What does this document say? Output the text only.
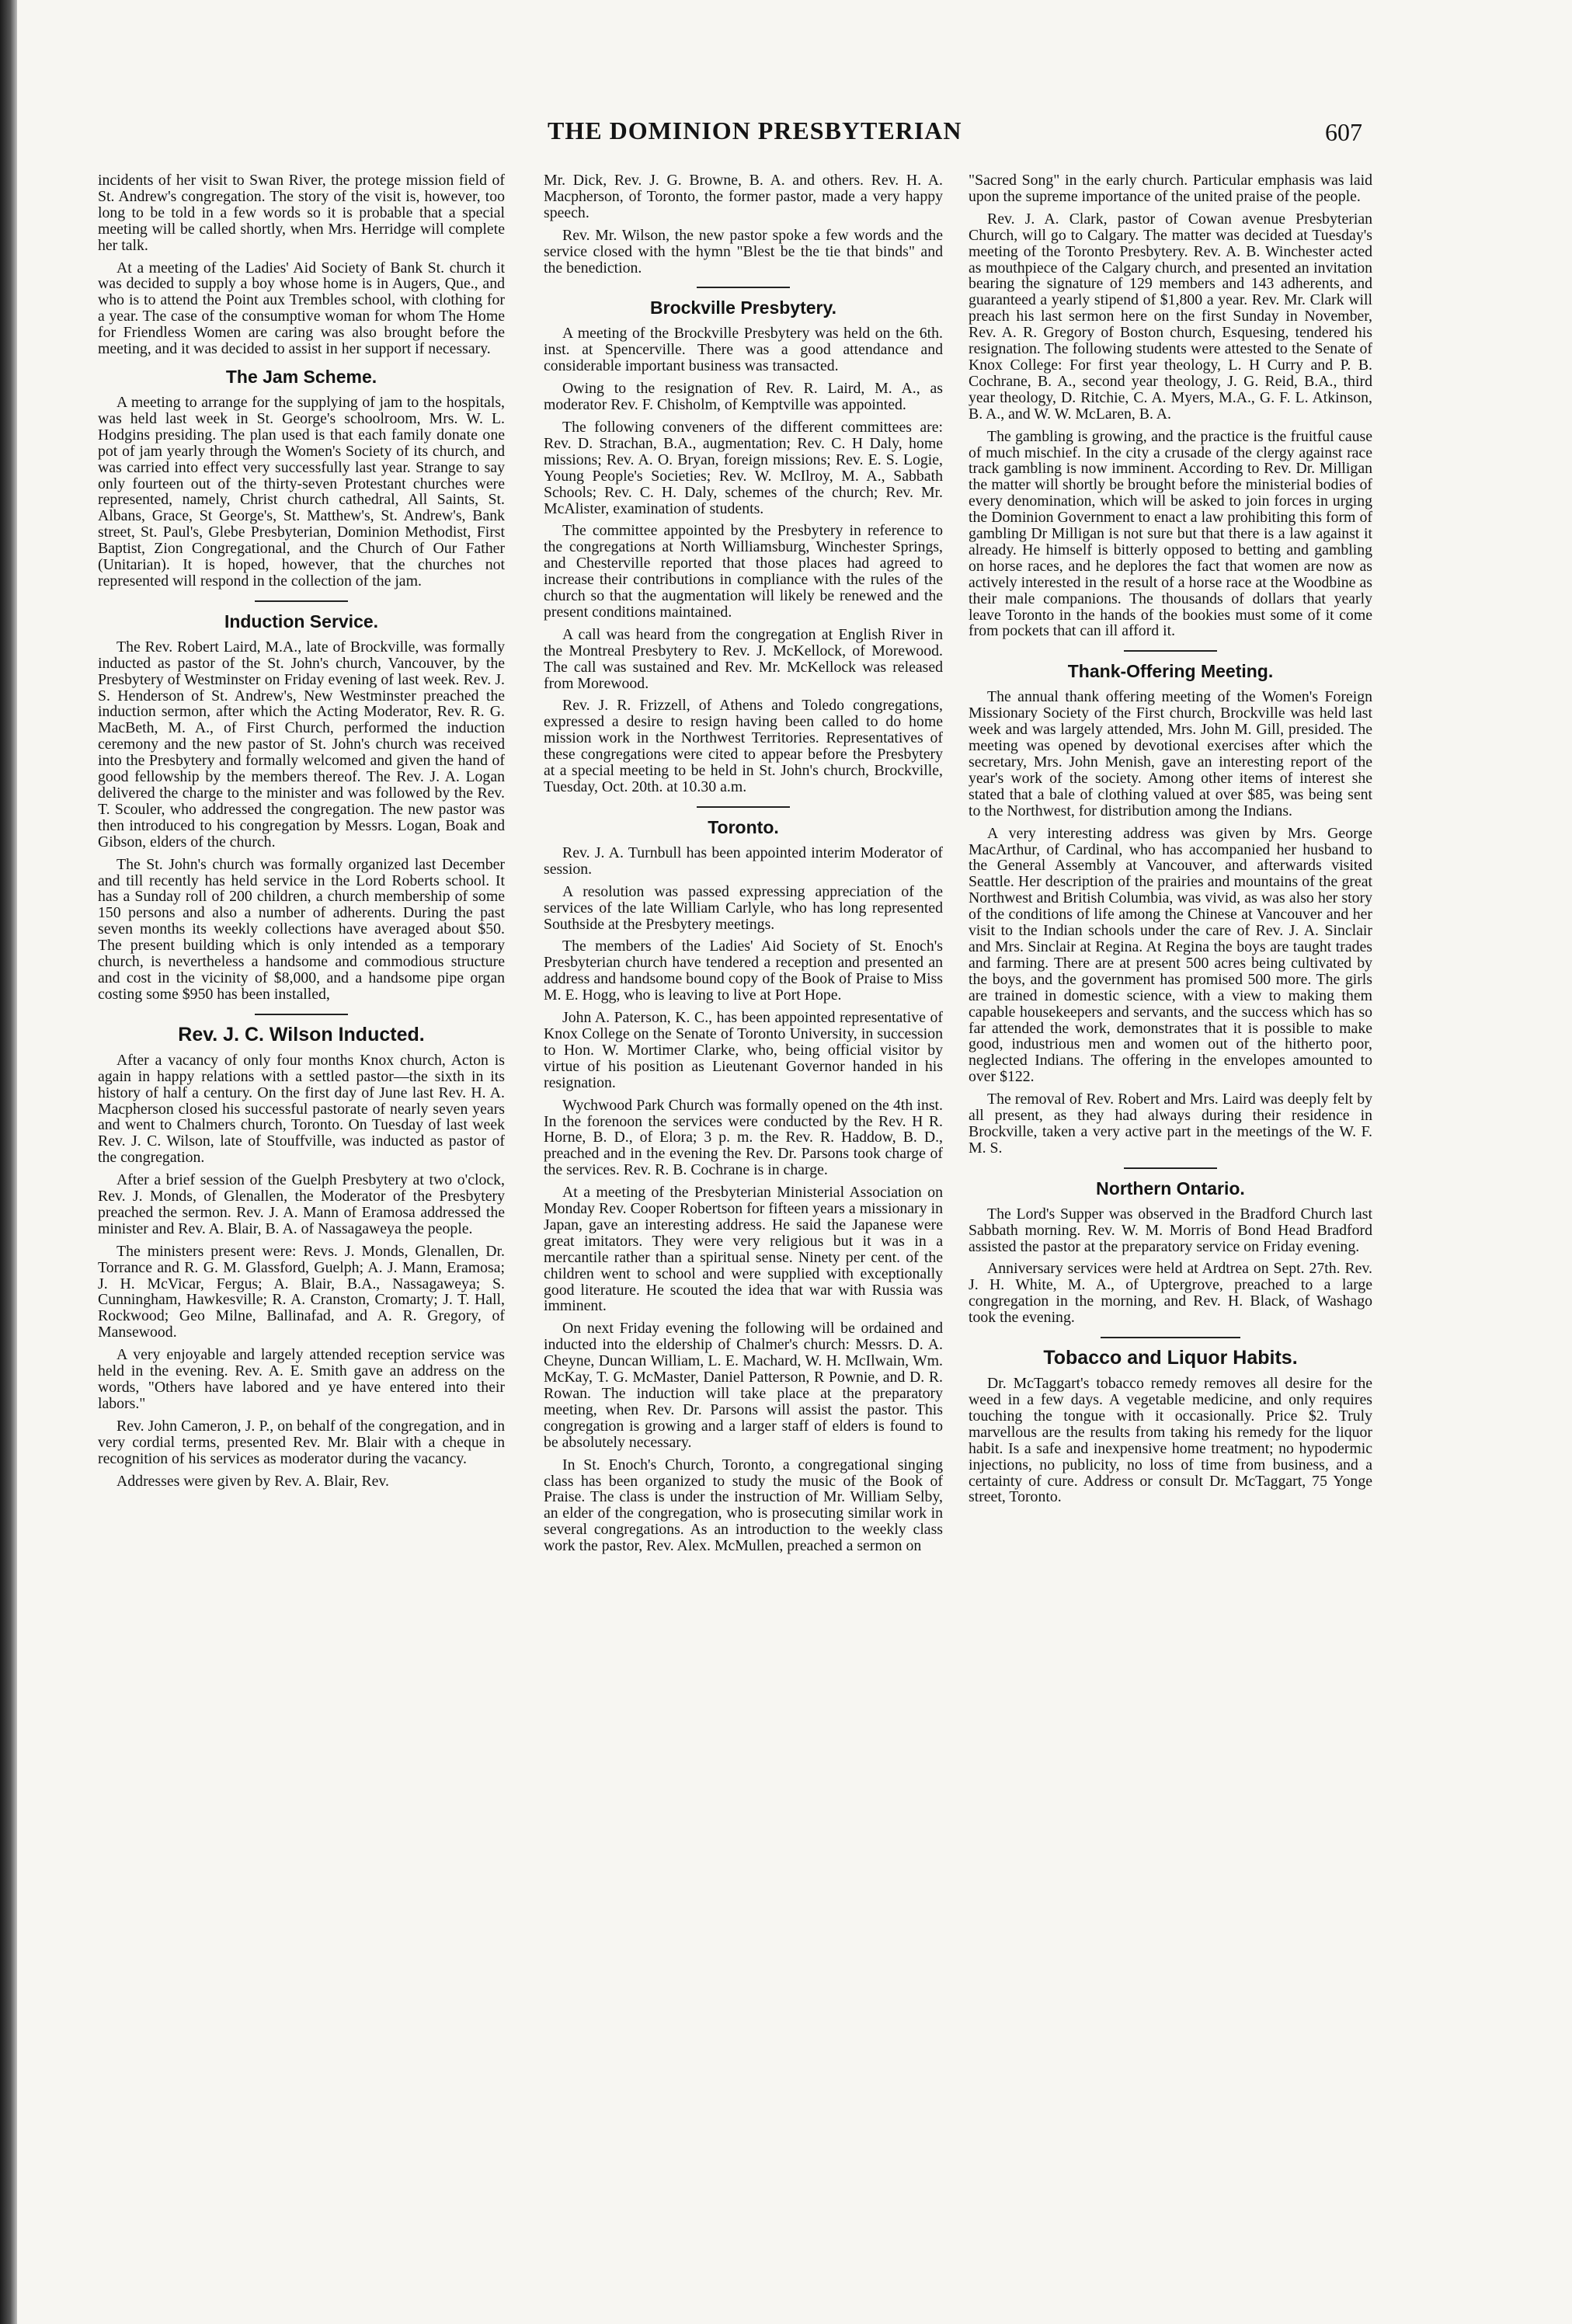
THE DOMINION PRESBYTERIAN	607

incidents of her visit to Swan River, the protege mission field of St. Andrew's congregation. The story of the visit is, however, too long to be told in a few words so it is probable that a special meeting will be called shortly, when Mrs. Herridge will complete her talk.

At a meeting of the Ladies' Aid Society of Bank St. church it was decided to supply a boy whose home is in Augers, Que., and who is to attend the Point aux Trembles school, with clothing for a year. The case of the consumptive woman for whom The Home for Friendless Women are caring was also brought before the meeting, and it was decided to assist in her support if necessary.

The Jam Scheme.

A meeting to arrange for the supplying of jam to the hospitals, was held last week in St. George's schoolroom, Mrs. W. L. Hodgins presiding. The plan used is that each family donate one pot of jam yearly through the Women's Society of its church, and was carried into effect very successfully last year. Strange to say only fourteen out of the thirty-seven Protestant churches were represented, namely, Christ church cathedral, All Saints, St. Albans, Grace, St George's, St. Matthew's, St. Andrew's, Bank street, St. Paul's, Glebe Presbyterian, Dominion Methodist, First Baptist, Zion Congregational, and the Church of Our Father (Unitarian). It is hoped, however, that the churches not represented will respond in the collection of the jam.

Induction Service.

The Rev. Robert Laird, M.A., late of Brockville, was formally inducted as pastor of the St. John's church, Vancouver, by the Presbytery of Westminster on Friday evening of last week. Rev. J. S. Henderson of St. Andrew's, New Westminster preached the induction sermon, after which the Acting Moderator, Rev. R. G. MacBeth, M. A., of First Church, performed the induction ceremony and the new pastor of St. John's church was received into the Presbytery and formally welcomed and given the hand of good fellowship by the members thereof. The Rev. J. A. Logan delivered the charge to the minister and was followed by the Rev. T. Scouler, who addressed the congregation. The new pastor was then introduced to his congregation by Messrs. Logan, Boak and Gibson, elders of the church.

The St. John's church was formally organized last December and till recently has held service in the Lord Roberts school. It has a Sunday roll of 200 children, a church membership of some 150 persons and also a number of adherents. During the past seven months its weekly collections have averaged about $50. The present building which is only intended as a temporary church, is nevertheless a handsome and commodious structure and cost in the vicinity of $8,000, and a handsome pipe organ costing some $950 has been installed,

Rev. J. C. Wilson Inducted.

After a vacancy of only four months Knox church, Acton is again in happy relations with a settled pastor—the sixth in its history of half a century. On the first day of June last Rev. H. A. Macpherson closed his successful pastorate of nearly seven years and went to Chalmers church, Toronto. On Tuesday of last week Rev. J. C. Wilson, late of Stouffville, was inducted as pastor of the congregation.

After a brief session of the Guelph Presbytery at two o'clock, Rev. J. Monds, of Glenallen, the Moderator of the Presbytery preached the sermon. Rev. J. A. Mann of Eramosa addressed the minister and Rev. A. Blair, B. A. of Nassagaweya the people.

The ministers present were: Revs. J. Monds, Glenallen, Dr. Torrance and R. G. M. Glassford, Guelph; A. J. Mann, Eramosa; J. H. McVicar, Fergus; A. Blair, B.A., Nassagaweya; S. Cunningham, Hawkesville; R. A. Cranston, Cromarty; J. T. Hall, Rockwood; Geo Milne, Ballinafad, and A. R. Gregory, of Mansewood.

A very enjoyable and largely attended reception service was held in the evening. Rev. A. E. Smith gave an address on the words, "Others have labored and ye have entered into their labors."

Rev. John Cameron, J. P., on behalf of the congregation, and in very cordial terms, presented Rev. Mr. Blair with a cheque in recognition of his services as moderator during the vacancy.

Addresses were given by Rev. A. Blair, Rev.

Mr. Dick, Rev. J. G. Browne, B. A. and others. Rev. H. A. Macpherson, of Toronto, the former pastor, made a very happy speech.

Rev. Mr. Wilson, the new pastor spoke a few words and the service closed with the hymn "Blest be the tie that binds" and the benediction.

Brockville Presbytery.

A meeting of the Brockville Presbytery was held on the 6th. inst. at Spencerville. There was a good attendance and considerable important business was transacted.

Owing to the resignation of Rev. R. Laird, M. A., as moderator Rev. F. Chisholm, of Kemptville was appointed.

The following conveners of the different committees are: Rev. D. Strachan, B.A., augmentation; Rev. C. H Daly, home missions; Rev. A. O. Bryan, foreign missions; Rev. E. S. Logie, Young People's Societies; Rev. W. McIlroy, M. A., Sabbath Schools; Rev. C. H. Daly, schemes of the church; Rev. Mr. McAlister, examination of students.

The committee appointed by the Presbytery in reference to the congregations at North Williamsburg, Winchester Springs, and Chesterville reported that those places had agreed to increase their contributions in compliance with the rules of the church so that the augmentation will likely be renewed and the present conditions maintained.

A call was heard from the congregation at English River in the Montreal Presbytery to Rev. J. McKellock, of Morewood. The call was sustained and Rev. Mr. McKellock was released from Morewood.

Rev. J. R. Frizzell, of Athens and Toledo congregations, expressed a desire to resign having been called to do home mission work in the Northwest Territories. Representatives of these congregations were cited to appear before the Presbytery at a special meeting to be held in St. John's church, Brockville, Tuesday, Oct. 20th. at 10.30 a.m.

Toronto.

Rev. J. A. Turnbull has been appointed interim Moderator of session.

A resolution was passed expressing appreciation of the services of the late William Carlyle, who has long represented Southside at the Presbytery meetings.

The members of the Ladies' Aid Society of St. Enoch's Presbyterian church have tendered a reception and presented an address and handsome bound copy of the Book of Praise to Miss M. E. Hogg, who is leaving to live at Port Hope.

John A. Paterson, K. C., has been appointed representative of Knox College on the Senate of Toronto University, in succession to Hon. W. Mortimer Clarke, who, being official visitor by virtue of his position as Lieutenant Governor handed in his resignation.

Wychwood Park Church was formally opened on the 4th inst. In the forenoon the services were conducted by the Rev. H R. Horne, B. D., of Elora; 3 p. m. the Rev. R. Haddow, B. D., preached and in the evening the Rev. Dr. Parsons took charge of the services. Rev. R. B. Cochrane is in charge.

At a meeting of the Presbyterian Ministerial Association on Monday Rev. Cooper Robertson for fifteen years a missionary in Japan, gave an interesting address. He said the Japanese were great imitators. They were very religious but it was in a mercantile rather than a spiritual sense. Ninety per cent. of the children went to school and were supplied with exceptionally good literature. He scouted the idea that war with Russia was imminent.

On next Friday evening the following will be ordained and inducted into the eldership of Chalmer's church: Messrs. D. A. Cheyne, Duncan William, L. E. Machard, W. H. McIlwain, Wm. McKay, T. G. McMaster, Daniel Patterson, R Pownie, and D. R. Rowan. The induction will take place at the preparatory meeting, when Rev. Dr. Parsons will assist the pastor. This congregation is growing and a larger staff of elders is found to be absolutely necessary.

In St. Enoch's Church, Toronto, a congregational singing class has been organized to study the music of the Book of Praise. The class is under the instruction of Mr. William Selby, an elder of the congregation, who is prosecuting similar work in several congregations. As an introduction to the weekly class work the pastor, Rev. Alex. McMullen, preached a sermon on

"Sacred Song" in the early church. Particular emphasis was laid upon the supreme importance of the united praise of the people.

Rev. J. A. Clark, pastor of Cowan avenue Presbyterian Church, will go to Calgary. The matter was decided at Tuesday's meeting of the Toronto Presbytery. Rev. A. B. Winchester acted as mouthpiece of the Calgary church, and presented an invitation bearing the signature of 129 members and 143 adherents, and guaranteed a yearly stipend of $1,800 a year. Rev. Mr. Clark will preach his last sermon here on the first Sunday in November, Rev. A. R. Gregory of Boston church, Esquesing, tendered his resignation. The following students were attested to the Senate of Knox College: For first year theology, L. H Curry and P. B. Cochrane, B. A., second year theology, J. G. Reid, B.A., third year theology, D. Ritchie, C. A. Myers, M.A., G. F. L. Atkinson, B. A., and W. W. McLaren, B. A.

The gambling is growing, and the practice is the fruitful cause of much mischief. In the city a crusade of the clergy against race track gambling is now imminent. According to Rev. Dr. Milligan the matter will shortly be brought before the ministerial bodies of every denomination, which will be asked to join forces in urging the Dominion Government to enact a law prohibiting this form of gambling Dr Milligan is not sure but that there is a law against it already. He himself is bitterly opposed to betting and gambling on horse races, and he deplores the fact that women are now as actively interested in the result of a horse race at the Woodbine as their male companions. The thousands of dollars that yearly leave Toronto in the hands of the bookies must some of it come from pockets that can ill afford it.

Thank-Offering Meeting.

The annual thank offering meeting of the Women's Foreign Missionary Society of the First church, Brockville was held last week and was largely attended, Mrs. John M. Gill, presided. The meeting was opened by devotional exercises after which the secretary, Mrs. John Menish, gave an interesting report of the year's work of the society. Among other items of interest she stated that a bale of clothing valued at over $85, was being sent to the Northwest, for distribution among the Indians.

A very interesting address was given by Mrs. George MacArthur, of Cardinal, who has accompanied her husband to the General Assembly at Vancouver, and afterwards visited Seattle. Her description of the prairies and mountains of the great Northwest and British Columbia, was vivid, as was also her story of the conditions of life among the Chinese at Vancouver and her visit to the Indian schools under the care of Rev. J. A. Sinclair and Mrs. Sinclair at Regina. At Regina the boys are taught trades and farming. There are at present 500 acres being cultivated by the boys, and the government has promised 500 more. The girls are trained in domestic science, with a view to making them capable housekeepers and servants, and the success which has so far attended the work, demonstrates that it is possible to make good, industrious men and women out of the hitherto poor, neglected Indians. The offering in the envelopes amounted to over $122.

The removal of Rev. Robert and Mrs. Laird was deeply felt by all present, as they had always during their residence in Brockville, taken a very active part in the meetings of the W. F. M. S.

Northern Ontario.

The Lord's Supper was observed in the Bradford Church last Sabbath morning. Rev. W. M. Morris of Bond Head Bradford assisted the pastor at the preparatory service on Friday evening.

Anniversary services were held at Ardtrea on Sept. 27th. Rev. J. H. White, M. A., of Uptergrove, preached to a large congregation in the morning, and Rev. H. Black, of Washago took the evening.

Tobacco and Liquor Habits.

Dr. McTaggart's tobacco remedy removes all desire for the weed in a few days. A vegetable medicine, and only requires touching the tongue with it occasionally. Price $2. Truly marvellous are the results from taking his remedy for the liquor habit. Is a safe and inexpensive home treatment; no hypodermic injections, no publicity, no loss of time from business, and a certainty of cure. Address or consult Dr. McTaggart, 75 Yonge street, Toronto.
